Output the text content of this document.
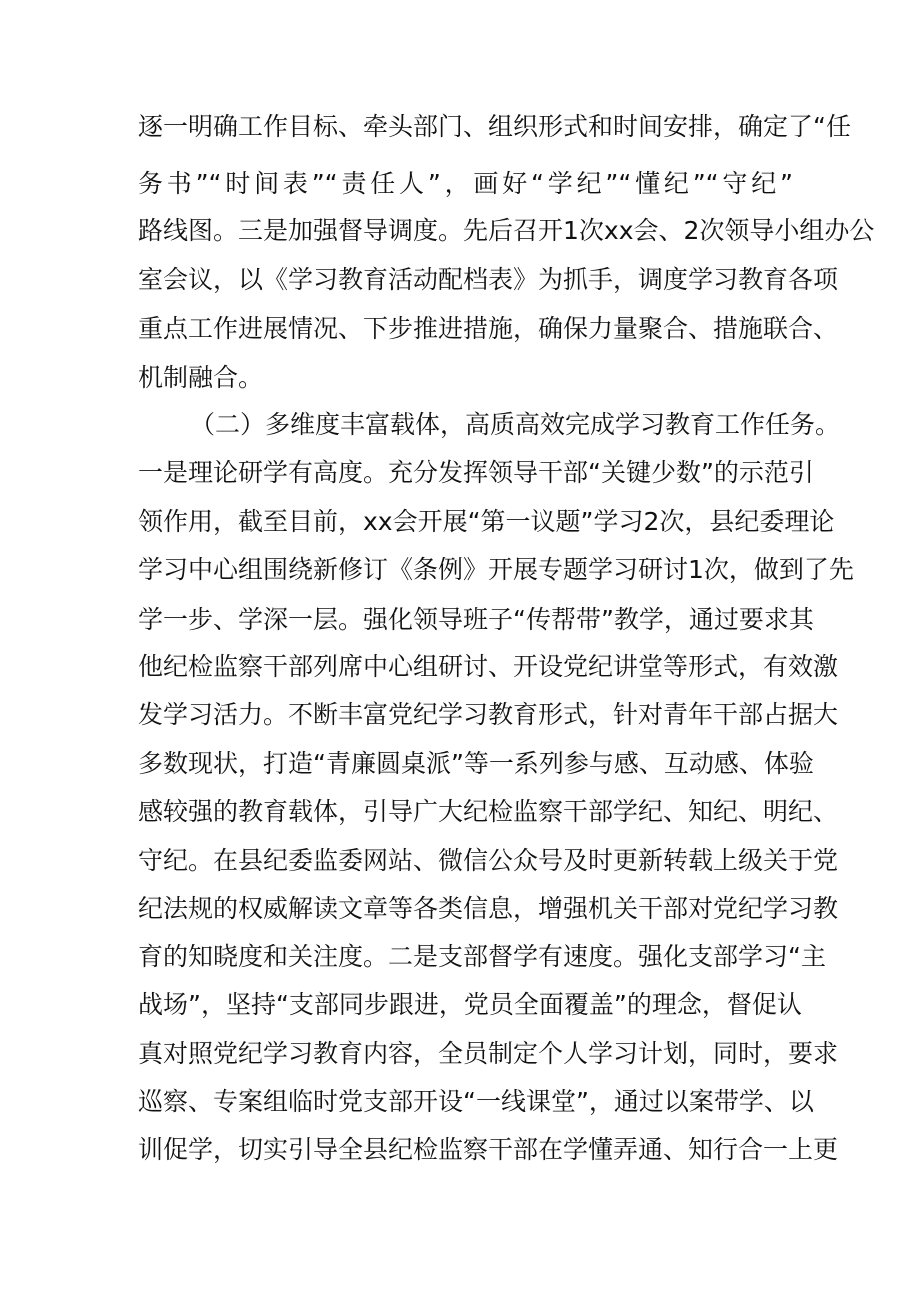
逐一明确工作目标、牵头部门、组织形式和时间安排，确定了“任
务书”“时间表”“责任人”，画好“学纪”“懂纪”“守纪”
路线图。三是加强督导调度。先后召开1次xx会、2次领导小组办公
室会议，以《学习教育活动配档表》为抓手，调度学习教育各项
重点工作进展情况、下步推进措施，确保力量聚合、措施联合、
机制融合。
（二）多维度丰富载体，高质高效完成学习教育工作任务。
一是理论研学有高度。充分发挥领导干部“关键少数”的示范引
领作用，截至目前，xx会开展“第一议题”学习2次，县纪委理论
学习中心组围绕新修订《条例》开展专题学习研讨1次，做到了先
学一步、学深一层。强化领导班子“传帮带”教学，通过要求其
他纪检监察干部列席中心组研讨、开设党纪讲堂等形式，有效激
发学习活力。不断丰富党纪学习教育形式，针对青年干部占据大
多数现状，打造“青廉圆桌派”等一系列参与感、互动感、体验
感较强的教育载体，引导广大纪检监察干部学纪、知纪、明纪、
守纪。在县纪委监委网站、微信公众号及时更新转载上级关于党
纪法规的权威解读文章等各类信息，增强机关干部对党纪学习教
育的知晓度和关注度。二是支部督学有速度。强化支部学习“主
战场”，坚持“支部同步跟进，党员全面覆盖”的理念，督促认
真对照党纪学习教育内容，全员制定个人学习计划，同时，要求
巡察、专案组临时党支部开设“一线课堂”，通过以案带学、以
训促学，切实引导全县纪检监察干部在学懂弄通、知行合一上更
